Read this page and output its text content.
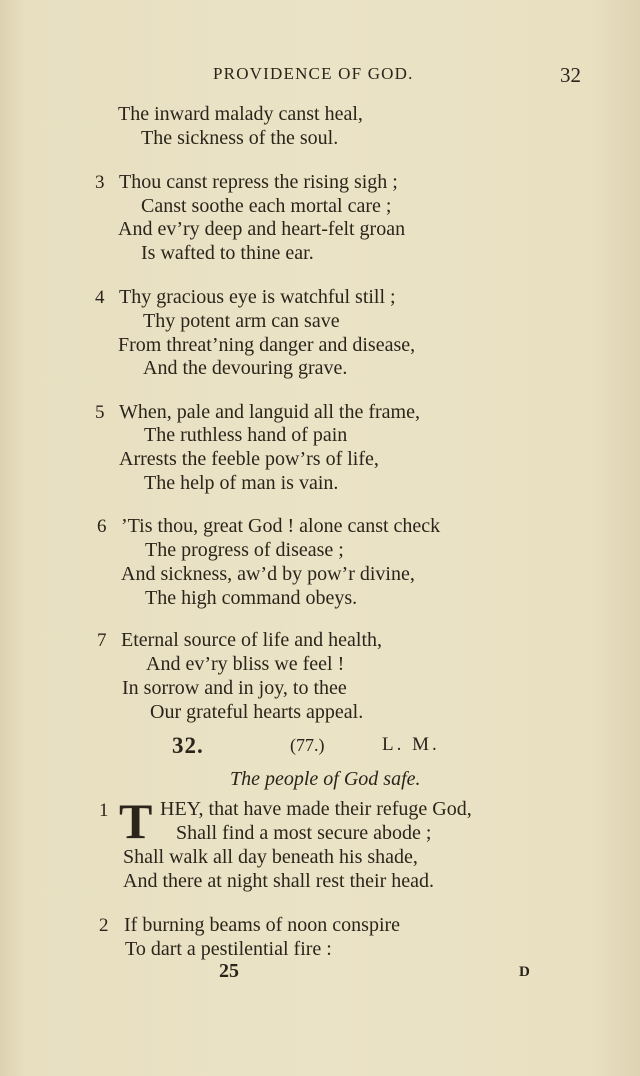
PROVIDENCE OF GOD.	32
The inward malady canst heal,
The sickness of the soul.
3 Thou canst repress the rising sigh ;
Canst soothe each mortal care ;
And ev’ry deep and heart-felt groan
Is wafted to thine ear.
4 Thy gracious eye is watchful still ;
Thy potent arm can save
From threat’ning danger and disease,
And the devouring grave.
5 When, pale and languid all the frame,
The ruthless hand of pain
Arrests the feeble pow’rs of life,
The help of man is vain.
6 ’Tis thou, great God ! alone canst check
The progress of disease ;
And sickness, aw’d by pow’r divine,
The high command obeys.
7 Eternal source of life and health,
And ev’ry bliss we feel !
In sorrow and in joy, to thee
Our grateful hearts appeal.
32.	(77.)	L. M.
The people of God safe.
1 T HEY, that have made their refuge God,
Shall find a most secure abode ;
Shall walk all day beneath his shade,
And there at night shall rest their head.
2 If burning beams of noon conspire
To dart a pestilential fire :
25	D
